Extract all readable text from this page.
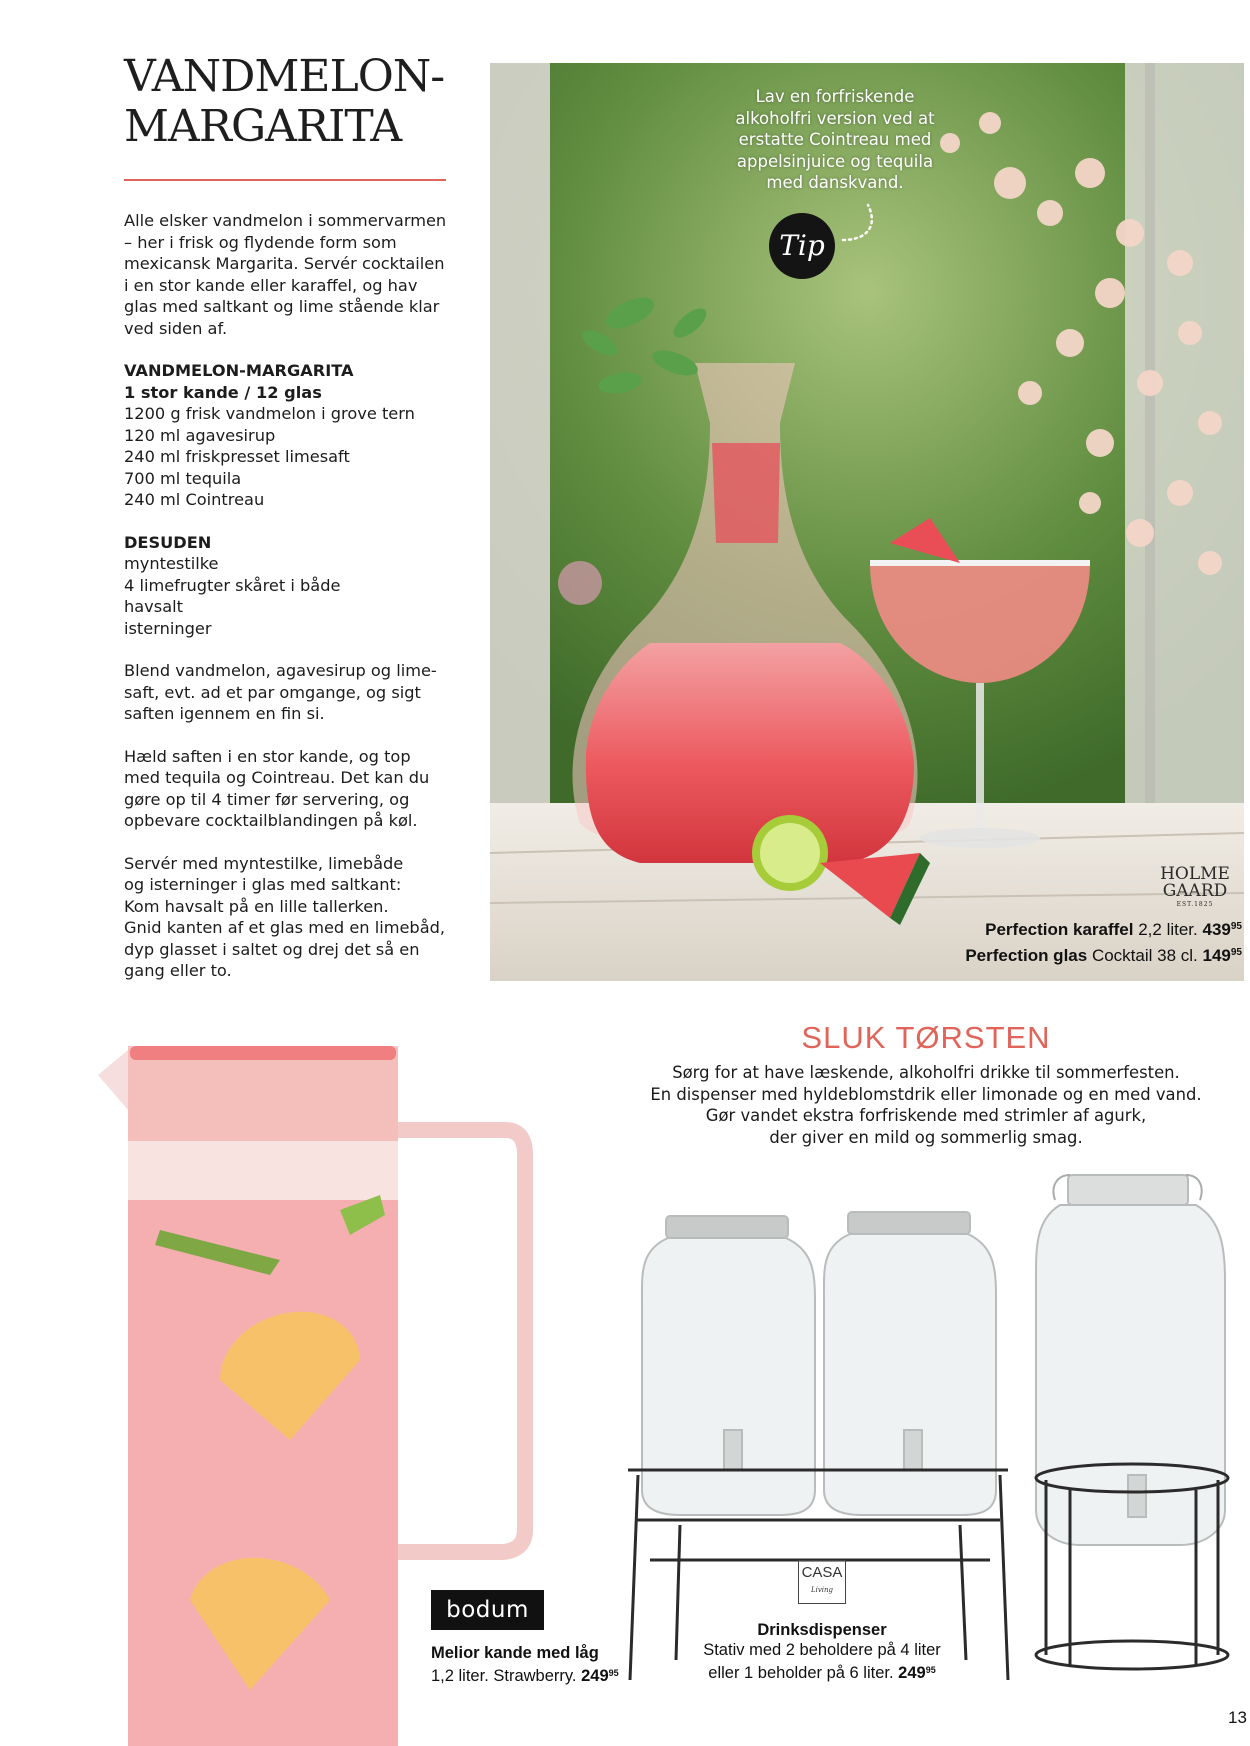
VANDMELON-
MARGARITA
Alle elsker vandmelon i sommervarmen
– her i frisk og flydende form som
mexicansk Margarita. Servér cocktailen
i en stor kande eller karaffel, og hav
glas med saltkant og lime stående klar
ved siden af.
VANDMELON-MARGARITA
1 stor kande / 12 glas
1200 g frisk vandmelon i grove tern
120 ml agavesirup
240 ml friskpresset limesaft
700 ml tequila
240 ml Cointreau
DESUDEN
myntestilke
4 limefrugter skåret i både
havsalt
isterninger
Blend vandmelon, agavesirup og lime-
saft, evt. ad et par omgange, og sigt
saften igennem en fin si.
Hæld saften i en stor kande, og top
med tequila og Cointreau. Det kan du
gøre op til 4 timer før servering, og
opbevare cocktailblandingen på køl.
Servér med myntestilke, limebåde
og isterninger i glas med saltkant:
Kom havsalt på en lille tallerken.
Gnid kanten af et glas med en limebåd,
dyp glasset i saltet og drej det så en
gang eller to.
Lav en forfriskende
alkoholfri version ved at
erstatte Cointreau med
appelsinjuice og tequila
med danskvand.
Tip
HOLME
GAARD
EST.1825
Perfection karaffel 2,2 liter. $439^{95}$
Perfection glas Cocktail 38 cl. $149^{95}$
SLUK TØRSTEN
Sørg for at have læskende, alkoholfri drikke til sommerfesten.
En dispenser med hyldeblomstdrik eller limonade og en med vand.
Gør vandet ekstra forfriskende med strimler af agurk,
der giver en mild og sommerlig smag.
bodum
Melior kande med låg
1,2 liter. Strawberry. $249^{95}$
CASA
Living
Drinksdispenser
Stativ med 2 beholdere på 4 liter
eller 1 beholder på 6 liter. $249^{95}$
13
